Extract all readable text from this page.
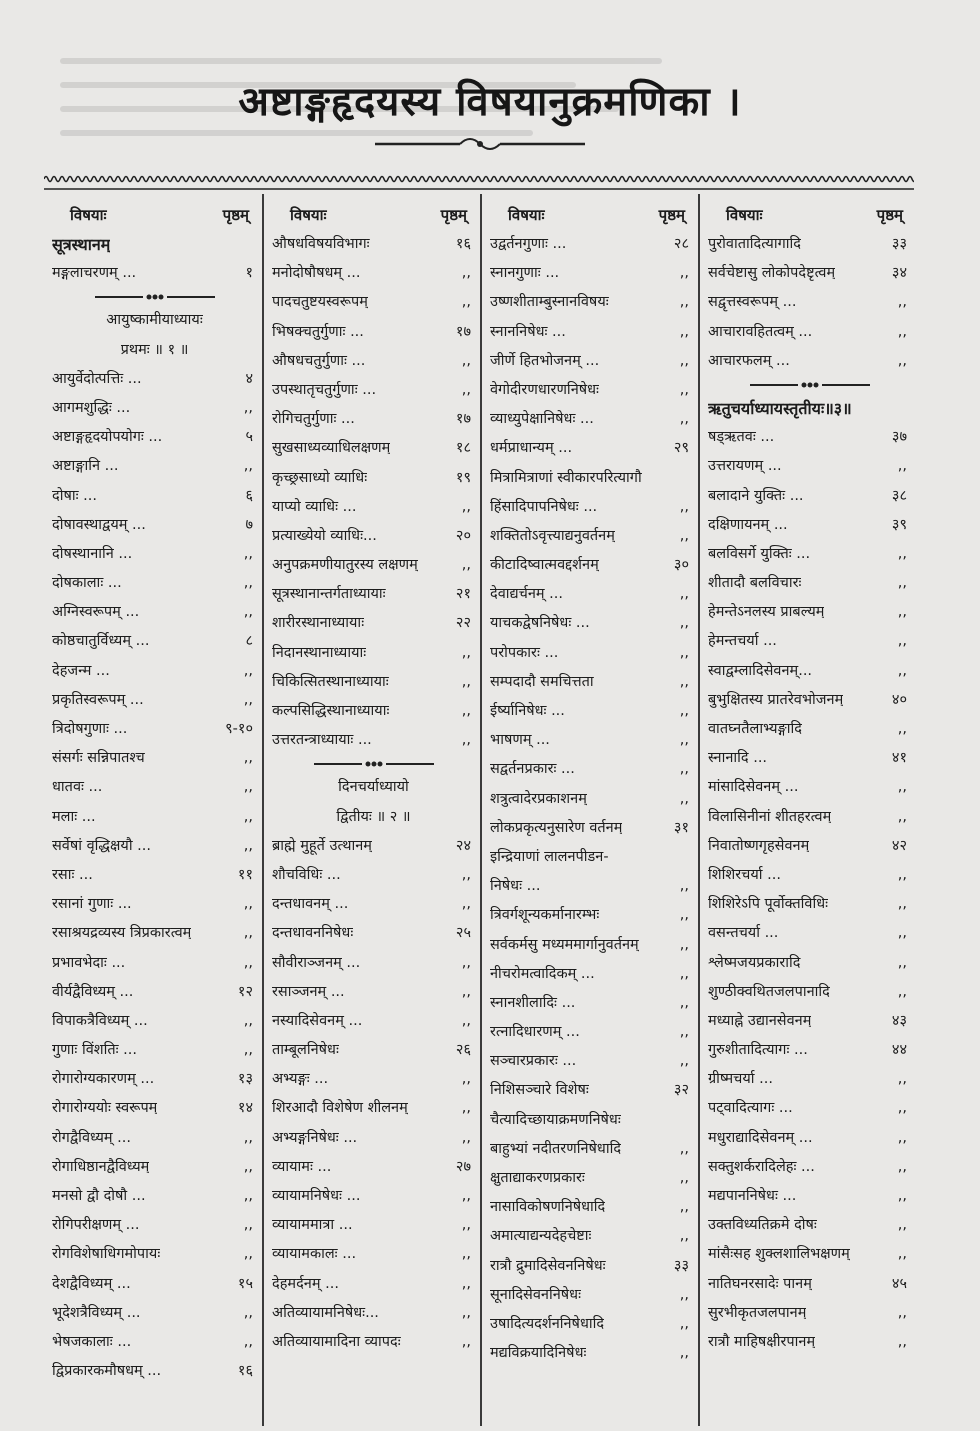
अष्टाङ्गहृदयस्य विषयानुक्रमणिका ।
विषयाः	पृष्ठम्
सूत्रस्थानम्
मङ्गलाचरणम् ...	१
आयुष्कामीयाध्यायः
प्रथमः ॥ १ ॥
आयुर्वेदोत्पत्तिः ...	४
आगमशुद्धिः ...	,,
अष्टाङ्गहृदयोपयोगः ...	५
अष्टाङ्गानि ...	,,
दोषाः ...	६
दोषावस्थाद्वयम् ...	७
दोषस्थानानि ...	,,
दोषकालाः ...	,,
अग्निस्वरूपम् ...	,,
कोष्ठचातुर्विध्यम् ...	८
देहजन्म ...	,,
प्रकृतिस्वरूपम् ...	,,
त्रिदोषगुणाः ...	९-१०
संसर्गः सन्निपातश्च	,,
धातवः ...	,,
मलाः ...	,,
सर्वेषां वृद्धिक्षयौ ...	,,
रसाः ...	११
रसानां गुणाः ...	,,
रसाश्रयद्रव्यस्य त्रिप्रकारत्वम्	,,
प्रभावभेदाः ...	,,
वीर्यद्वैविध्यम् ...	१२
विपाकत्रैविध्यम् ...	,,
गुणाः विंशतिः ...	,,
रोगारोग्यकारणम् ...	१३
रोगारोग्ययोः स्वरूपम्	१४
रोगद्वैविध्यम् ...	,,
रोगाधिष्ठानद्वैविध्यम्	,,
मनसो द्वौ दोषौ ...	,,
रोगिपरीक्षणम् ...	,,
रोगविशेषाधिगमोपायः	,,
देशद्वैविध्यम् ...	१५
भूदेशत्रैविध्यम् ...	,,
भेषजकालाः ...	,,
द्विप्रकारकमौषधम् ...	१६
विषयाः	पृष्ठम्
औषधविषयविभागः	१६
मनोदोषौषधम् ...	,,
पादचतुष्टयस्वरूपम्	,,
भिषक्चतुर्गुणाः ...	१७
औषधचतुर्गुणाः ...	,,
उपस्थातृचतुर्गुणाः ...	,,
रोगिचतुर्गुणाः ...	१७
सुखसाध्यव्याधिलक्षणम्	१८
कृच्छ्रसाध्यो व्याधिः	१९
याप्यो व्याधिः ...	,,
प्रत्याख्येयो व्याधिः...	२०
अनुपक्रमणीयातुरस्य लक्षणम्	,,
सूत्रस्थानान्तर्गताध्यायाः	२१
शारीरस्थानाध्यायाः	२२
निदानस्थानाध्यायाः	,,
चिकित्सितस्थानाध्यायाः	,,
कल्पसिद्धिस्थानाध्यायाः	,,
उत्तरतन्त्राध्यायाः ...	,,
दिनचर्याध्यायो
द्वितीयः ॥ २ ॥
ब्राह्मे मुहूर्ते उत्थानम्	२४
शौचविधिः ...	,,
दन्तधावनम् ...	,,
दन्तधावननिषेधः	२५
सौवीराञ्जनम् ...	,,
रसाञ्जनम् ...	,,
नस्यादिसेवनम् ...	,,
ताम्बूलनिषेधः	२६
अभ्यङ्गः ...	,,
शिरआदौ विशेषेण शीलनम्	,,
अभ्यङ्गनिषेधः ...	,,
व्यायामः ...	२७
व्यायामनिषेधः ...	,,
व्यायाममात्रा ...	,,
व्यायामकालः ...	,,
देहमर्दनम् ...	,,
अतिव्यायामनिषेधः...	,,
अतिव्यायामादिना व्यापदः	,,
विषयाः	पृष्ठम्
उद्वर्तनगुणाः ...	२८
स्नानगुणाः ...	,,
उष्णशीताम्बुस्नानविषयः	,,
स्नाननिषेधः ...	,,
जीर्णे हितभोजनम् ...	,,
वेगोदीरणधारणनिषेधः	,,
व्याध्युपेक्षानिषेधः ...	,,
धर्मप्राधान्यम् ...	२९
मित्रामित्राणां स्वीकारपरित्यागौ
हिंसादिपापनिषेधः ...	,,
शक्तितोऽवृत्त्याद्यनुवर्तनम्	,,
कीटादिष्वात्मवद्दर्शनम्	३०
देवाद्यर्चनम् ...	,,
याचकद्वेषनिषेधः ...	,,
परोपकारः ...	,,
सम्पदादौ समचित्तता	,,
ईर्ष्यानिषेधः ...	,,
भाषणम् ...	,,
सद्वर्तनप्रकारः ...	,,
शत्रुत्वादेरप्रकाशनम्	,,
लोकप्रकृत्यनुसारेण वर्तनम्	३१
इन्द्रियाणां लालनपीडन-
निषेधः ...	,,
त्रिवर्गशून्यकर्मानारम्भः	,,
सर्वकर्मसु मध्यममार्गानुवर्तनम्	,,
नीचरोमत्वादिकम् ...	,,
स्नानशीलादिः ...	,,
रत्नादिधारणम् ...	,,
सञ्चारप्रकारः ...	,,
निशिसञ्चारे विशेषः	३२
चैत्यादिच्छायाक्रमणनिषेधः
बाहुभ्यां नदीतरणनिषेधादि	,,
क्षुताद्याकरणप्रकारः	,,
नासाविकोषणनिषेधादि	,,
अमात्याद्यन्यदेहचेष्टाः	,,
रात्रौ द्रुमादिसेवननिषेधः	३३
सूनादिसेवननिषेधः	,,
उषादित्यदर्शननिषेधादि	,,
मद्यविक्रयादिनिषेधः	,,
विषयाः	पृष्ठम्
पुरोवातादित्यागादि	३३
सर्वचेष्टासु लोकोपदेष्टृत्वम्	३४
सद्वृत्तस्वरूपम् ...	,,
आचारावहितत्वम् ...	,,
आचारफलम् ...	,,
ऋतुचर्याध्यायस्तृतीयः॥३॥
षड्ऋतवः ...	३७
उत्तरायणम् ...	,,
बलादाने युक्तिः ...	३८
दक्षिणायनम् ...	३९
बलविसर्गे युक्तिः ...	,,
शीतादौ बलविचारः	,,
हेमन्तेऽनलस्य प्राबल्यम्	,,
हेमन्तचर्या ...	,,
स्वाद्वम्लादिसेवनम्...	,,
बुभुक्षितस्य प्रातरेवभोजनम्	४०
वातघ्नतैलाभ्यङ्गादि	,,
स्नानादि ...	४१
मांसादिसेवनम् ...	,,
विलासिनीनां शीतहरत्वम्	,,
निवातोष्णगृहसेवनम्	४२
शिशिरचर्या ...	,,
शिशिरेऽपि पूर्वोक्तविधिः	,,
वसन्तचर्या ...	,,
श्लेष्मजयप्रकारादि	,,
शुण्ठीक्वथितजलपानादि	,,
मध्याह्ने उद्यानसेवनम्	४३
गुरुशीतादित्यागः ...	४४
ग्रीष्मचर्या ...	,,
पट्वादित्यागः ...	,,
मधुराद्यादिसेवनम् ...	,,
सक्तुशर्करादिलेहः ...	,,
मद्यपाननिषेधः ...	,,
उक्तविध्यतिक्रमे दोषः	,,
मांसैःसह शुक्लशालिभक्षणम्	,,
नातिघनरसादेः पानम्	४५
सुरभीकृतजलपानम्	,,
रात्रौ माहिषक्षीरपानम्	,,
